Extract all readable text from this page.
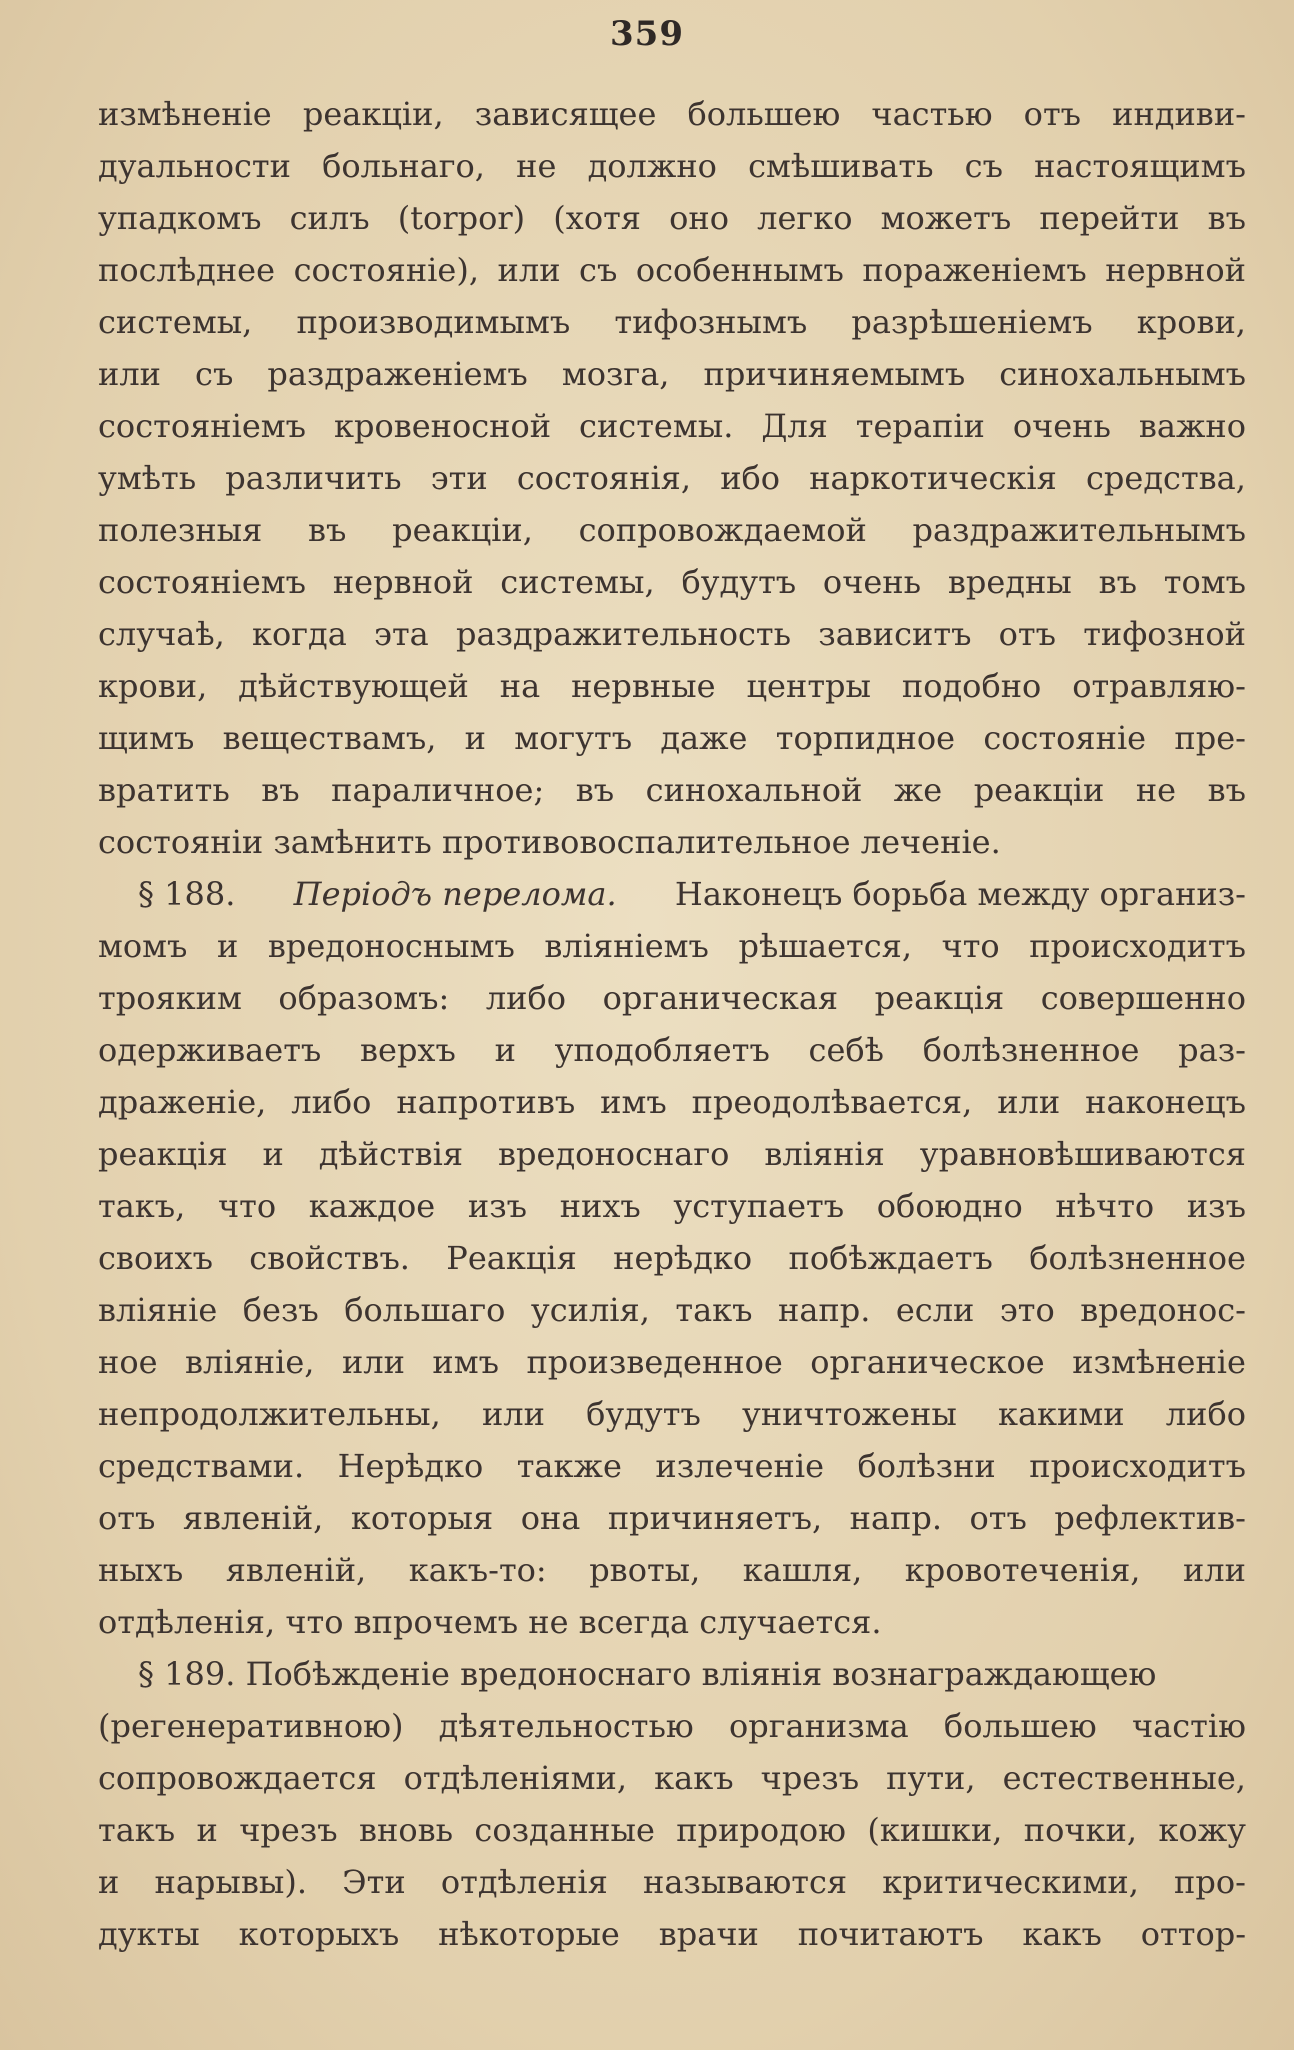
359
измѣненіе реакціи, зависящее большею частью отъ индиви-
дуальности больнаго, не должно смѣшивать съ настоящимъ
упадкомъ силъ (torpor) (хотя оно легко можетъ перейти въ
послѣднее состояніе), или съ особеннымъ пораженіемъ нервной
системы, производимымъ тифознымъ разрѣшеніемъ крови,
или съ раздраженіемъ мозга, причиняемымъ синохальнымъ
состояніемъ кровеносной системы. Для терапіи очень важно
умѣть различить эти состоянія, ибо наркотическія средства,
полезныя въ реакціи, сопровождаемой раздражительнымъ
состояніемъ нервной системы, будутъ очень вредны въ томъ
случаѣ, когда эта раздражительность зависитъ отъ тифозной
крови, дѣйствующей на нервные центры подобно отравляю-
щимъ веществамъ, и могутъ даже торпидное состояніе пре-
вратить въ параличное; въ синохальной же реакціи не въ
состояніи замѣнить противовоспалительное леченіе.
§ 188. Періодъ перелома. Наконецъ борьба между организ-
момъ и вредоноснымъ вліяніемъ рѣшается, что происходитъ
трояким образомъ: либо органическая реакція совершенно
одерживаетъ верхъ и уподобляетъ себѣ болѣзненное раз-
драженіе, либо напротивъ имъ преодолѣвается, или наконецъ
реакція и дѣйствія вредоноснаго вліянія уравновѣшиваются
такъ, что каждое изъ нихъ уступаетъ обоюдно нѣчто изъ
своихъ свойствъ. Реакція нерѣдко побѣждаетъ болѣзненное
вліяніе безъ большаго усилія, такъ напр. если это вредонос-
ное вліяніе, или имъ произведенное органическое измѣненіе
непродолжительны, или будутъ уничтожены какими либо
средствами. Нерѣдко также излеченіе болѣзни происходитъ
отъ явленій, которыя она причиняетъ, напр. отъ рефлектив-
ныхъ явленій, какъ-то: рвоты, кашля, кровотеченія, или
отдѣленія, что впрочемъ не всегда случается.
§ 189. Побѣжденіе вредоноснаго вліянія вознаграждающею
(регенеративною) дѣятельностью организма большею частію
сопровождается отдѣленіями, какъ чрезъ пути, естественные,
такъ и чрезъ вновь созданные природою (кишки, почки, кожу
и нарывы). Эти отдѣленія называются критическими, про-
дукты которыхъ нѣкоторые врачи почитаютъ какъ оттор-
